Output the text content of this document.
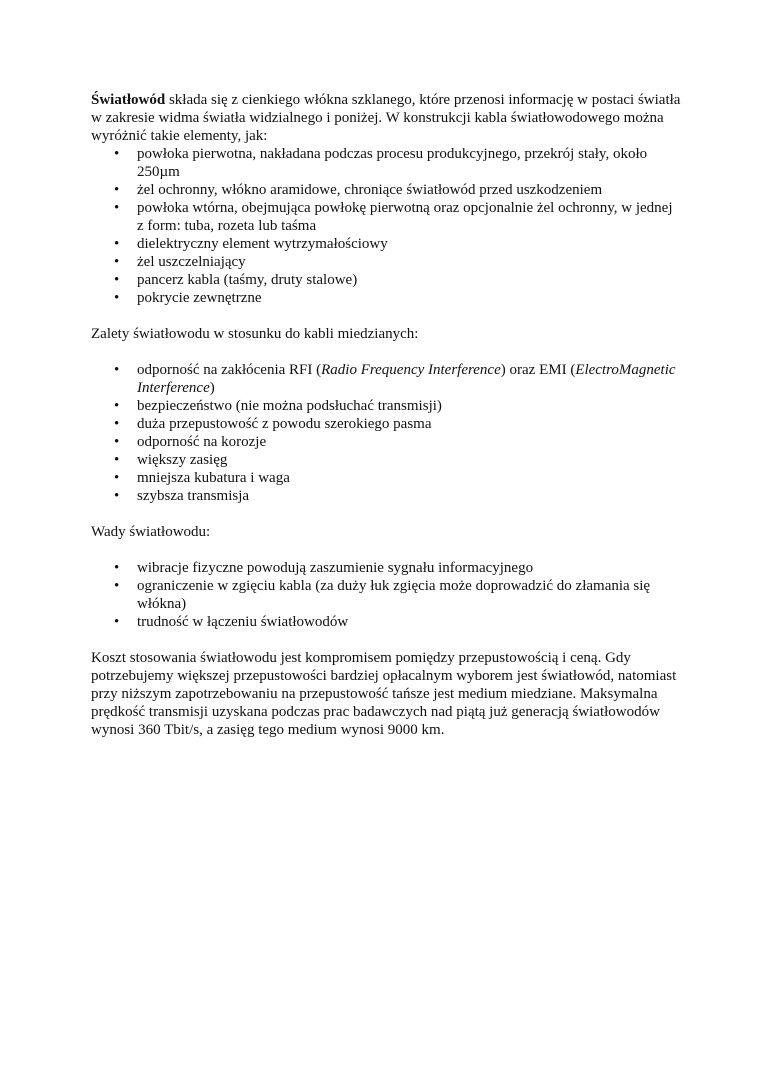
Światłowód składa się z cienkiego włókna szklanego, które przenosi informację w postaci światła w zakresie widma światła widzialnego i poniżej. W konstrukcji kabla światłowodowego można wyróżnić takie elementy, jak:

• powłoka pierwotna, nakładana podczas procesu produkcyjnego, przekrój stały, około 250µm
• żel ochronny, włókno aramidowe, chroniące światłowód przed uszkodzeniem
• powłoka wtórna, obejmująca powłokę pierwotną oraz opcjonalnie żel ochronny, w jednej z form: tuba, rozeta lub taśma
• dielektryczny element wytrzymałościowy
• żel uszczelniający
• pancerz kabla (taśmy, druty stalowe)
• pokrycie zewnętrzne

Zalety światłowodu w stosunku do kabli miedzianych:

• odporność na zakłócenia RFI (Radio Frequency Interference) oraz EMI (ElectroMagnetic Interference)
• bezpieczeństwo (nie można podsłuchać transmisji)
• duża przepustowość z powodu szerokiego pasma
• odporność na korozje
• większy zasięg
• mniejsza kubatura i waga
• szybsza transmisja

Wady światłowodu:

• wibracje fizyczne powodują zaszumienie sygnału informacyjnego
• ograniczenie w zgięciu kabla (za duży łuk zgięcia może doprowadzić do złamania się włókna)
• trudność w łączeniu światłowodów

Koszt stosowania światłowodu jest kompromisem pomiędzy przepustowością i ceną. Gdy potrzebujemy większej przepustowości bardziej opłacalnym wyborem jest światłowód, natomiast przy niższym zapotrzebowaniu na przepustowość tańsze jest medium miedziane. Maksymalna prędkość transmisji uzyskana podczas prac badawczych nad piątą już generacją światłowodów wynosi 360 Tbit/s, a zasięg tego medium wynosi 9000 km.
